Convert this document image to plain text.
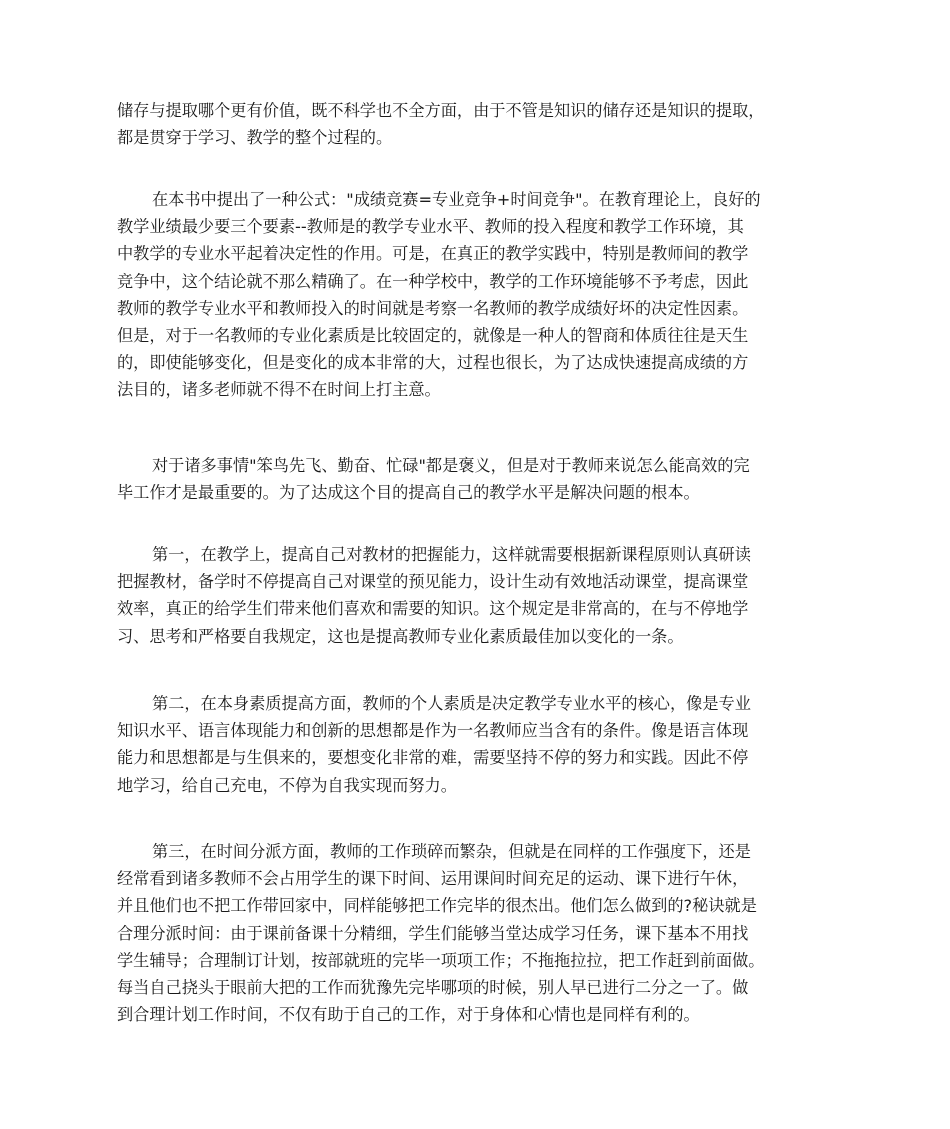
储存与提取哪个更有价值，既不科学也不全方面，由于不管是知识的储存还是知识的提取，
都是贯穿于学习、教学的整个过程的。
在本书中提出了一种公式："成绩竞赛=专业竞争+时间竞争"。在教育理论上，良好的
教学业绩最少要三个要素--教师是的教学专业水平、教师的投入程度和教学工作环境，其
中教学的专业水平起着决定性的作用。可是，在真正的教学实践中，特别是教师间的教学
竞争中，这个结论就不那么精确了。在一种学校中，教学的工作环境能够不予考虑，因此
教师的教学专业水平和教师投入的时间就是考察一名教师的教学成绩好坏的决定性因素。
但是，对于一名教师的专业化素质是比较固定的，就像是一种人的智商和体质往往是天生
的，即使能够变化，但是变化的成本非常的大，过程也很长，为了达成快速提高成绩的方
法目的，诸多老师就不得不在时间上打主意。
对于诸多事情"笨鸟先飞、勤奋、忙碌"都是褒义，但是对于教师来说怎么能高效的完
毕工作才是最重要的。为了达成这个目的提高自己的教学水平是解决问题的根本。
第一，在教学上，提高自己对教材的把握能力，这样就需要根据新课程原则认真研读
把握教材，备学时不停提高自己对课堂的预见能力，设计生动有效地活动课堂，提高课堂
效率，真正的给学生们带来他们喜欢和需要的知识。这个规定是非常高的，在与不停地学
习、思考和严格要自我规定，这也是提高教师专业化素质最佳加以变化的一条。
第二，在本身素质提高方面，教师的个人素质是决定教学专业水平的核心，像是专业
知识水平、语言体现能力和创新的思想都是作为一名教师应当含有的条件。像是语言体现
能力和思想都是与生俱来的，要想变化非常的难，需要坚持不停的努力和实践。因此不停
地学习，给自己充电，不停为自我实现而努力。
第三，在时间分派方面，教师的工作琐碎而繁杂，但就是在同样的工作强度下，还是
经常看到诸多教师不会占用学生的课下时间、运用课间时间充足的运动、课下进行午休，
并且他们也不把工作带回家中，同样能够把工作完毕的很杰出。他们怎么做到的?秘诀就是
合理分派时间：由于课前备课十分精细，学生们能够当堂达成学习任务，课下基本不用找
学生辅导；合理制订计划，按部就班的完毕一项项工作；不拖拖拉拉，把工作赶到前面做。
每当自己挠头于眼前大把的工作而犹豫先完毕哪项的时候，别人早已进行二分之一了。做
到合理计划工作时间，不仅有助于自己的工作，对于身体和心情也是同样有利的。
